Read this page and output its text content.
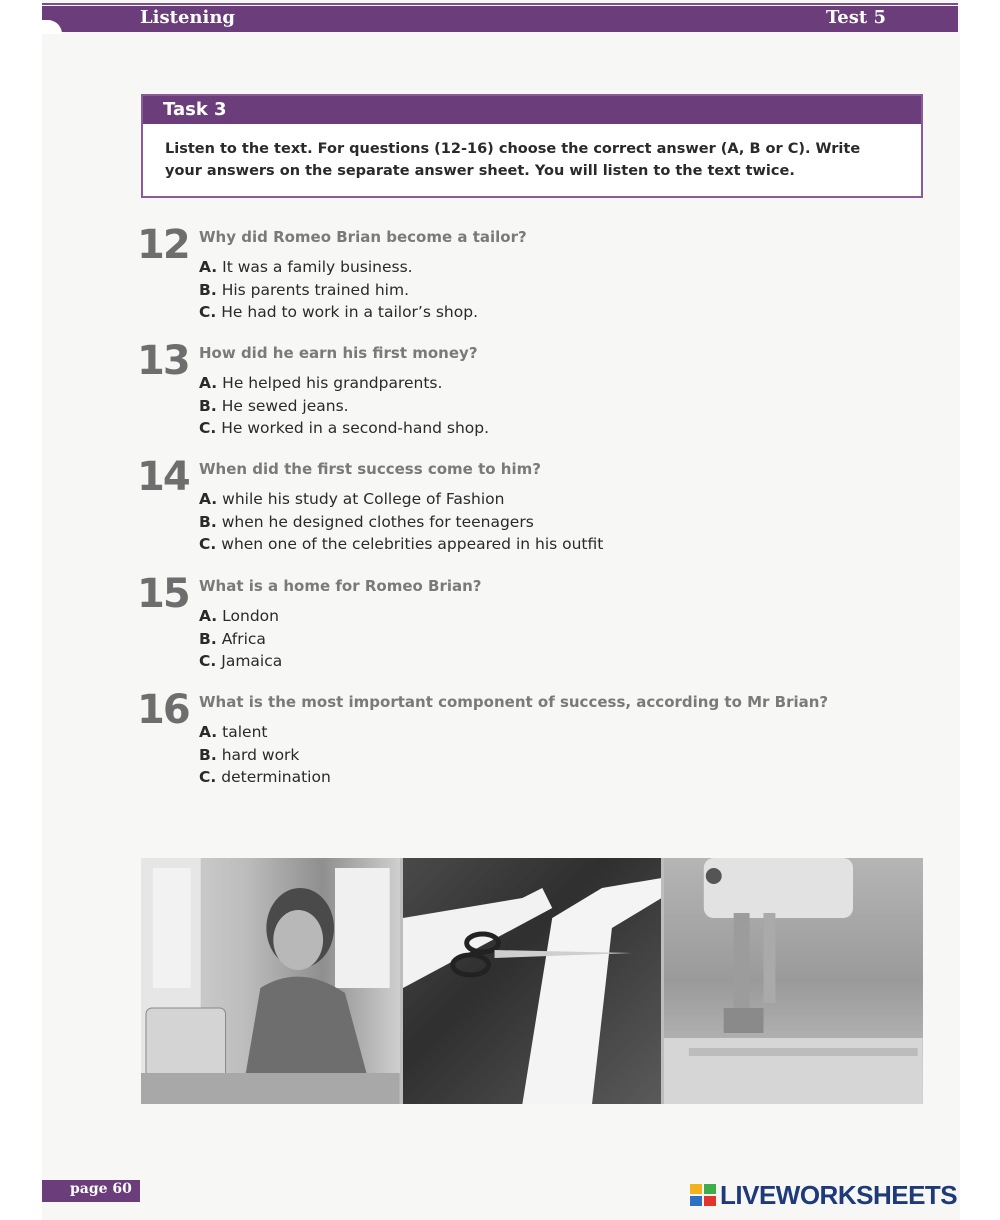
Listening	Test 5
Task 3
Listen to the text. For questions (12-16) choose the correct answer (A, B or C). Write your answers on the separate answer sheet. You will listen to the text twice.
12 Why did Romeo Brian become a tailor?
A. It was a family business.
B. His parents trained him.
C. He had to work in a tailor’s shop.
13 How did he earn his first money?
A. He helped his grandparents.
B. He sewed jeans.
C. He worked in a second-hand shop.
14 When did the first success come to him?
A. while his study at College of Fashion
B. when he designed clothes for teenagers
C. when one of the celebrities appeared in his outfit
15 What is a home for Romeo Brian?
A. London
B. Africa
C. Jamaica
16 What is the most important component of success, according to Mr Brian?
A. talent
B. hard work
C. determination
page 60	LIVEWORKSHEETS
